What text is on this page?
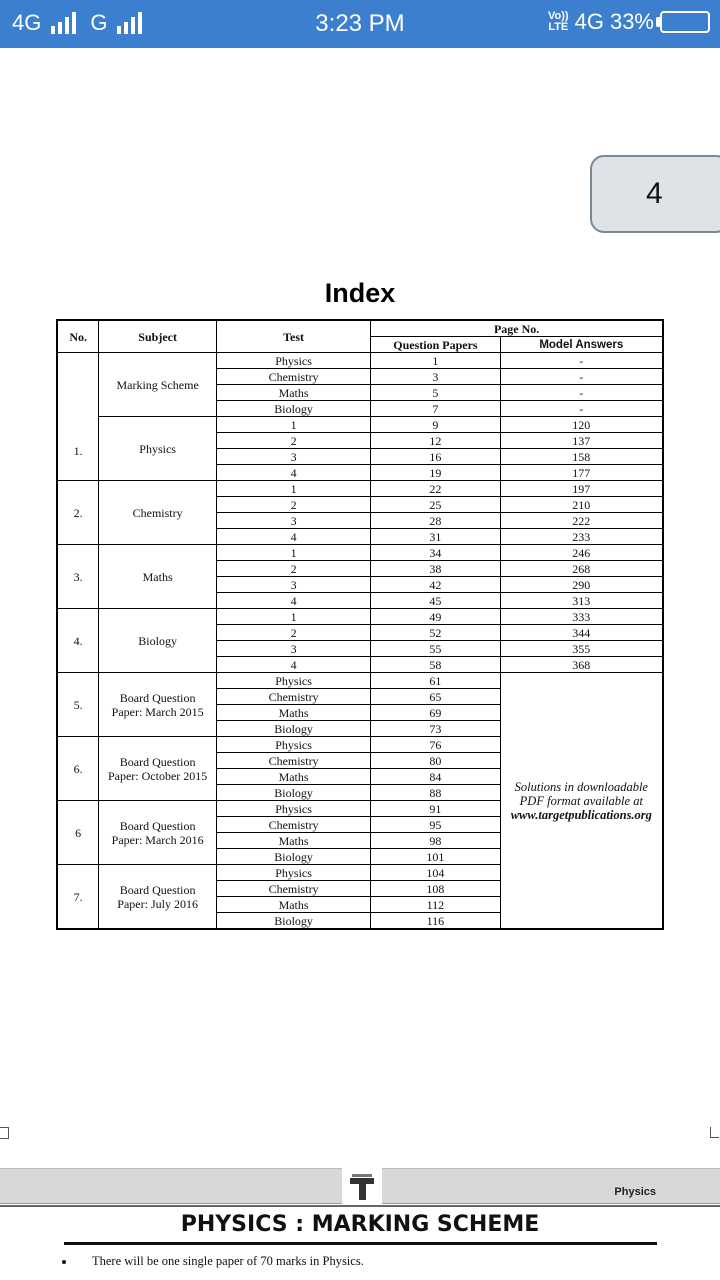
4G G	3:23 PM	Vo))
LTE 4G 33%
4
Index
No.	Subject	Test	Page No.	
			Question Papers	Model Answers
1.	Marking Scheme	Physics	1	-
		Chemistry	3	-
		Maths	5	-
		Biology	7	-
	Physics	1	9	120
		2	12	137
		3	16	158
		4	19	177
2.	Chemistry	1	22	197
		2	25	210
		3	28	222
		4	31	233
3.	Maths	1	34	246
		2	38	268
		3	42	290
		4	45	313
4.	Biology	1	49	333
		2	52	344
		3	55	355
		4	58	368
5.	Board Question Paper: March 2015	Physics	61	Solutions in downloadable
PDF format available at
www.targetpublications.org

		Chemistry	65	
		Maths	69	
		Biology	73	
6.	Board Question Paper: October 2015	Physics	76	
		Chemistry	80	
		Maths	84	
		Biology	88	
6	Board Question Paper: March 2016	Physics	91	
		Chemistry	95	
		Maths	98	
		Biology	101	
7.	Board Question Paper: July 2016	Physics	104	
		Chemistry	108	
		Maths	112	
		Biology	116	
Physics
PHYSICS : MARKING SCHEME
There will be one single paper of 70 marks in Physics.
